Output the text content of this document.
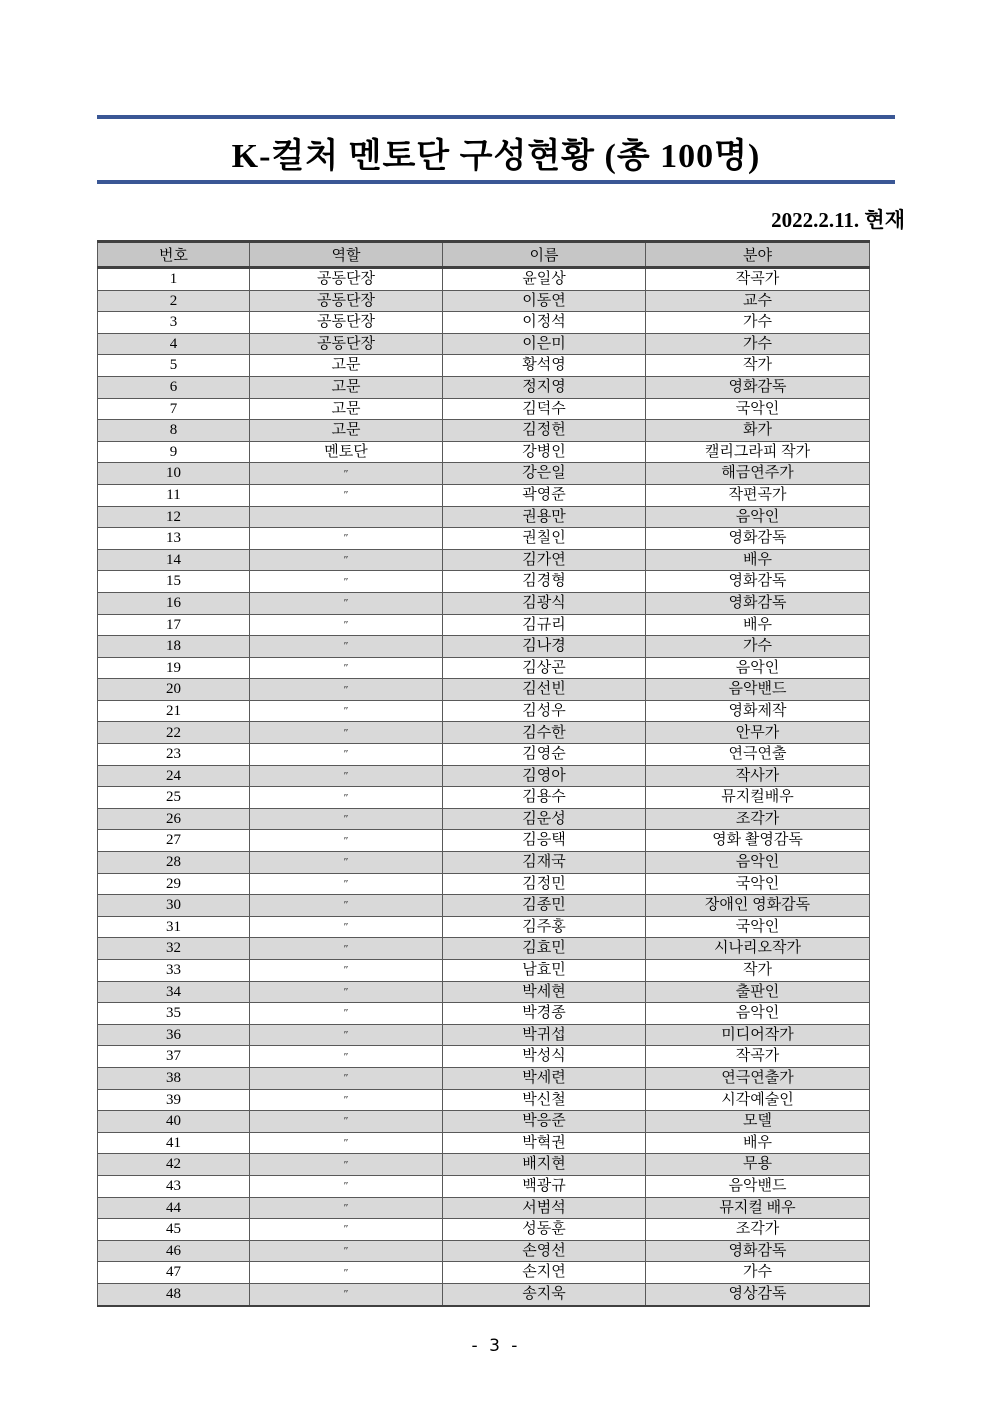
K-컬처 멘토단 구성현황 (총 100명)
2022.2.11. 현재
번호	역할	이름	분야
1	공동단장	윤일상	작곡가
2	공동단장	이동연	교수
3	공동단장	이정석	가수
4	공동단장	이은미	가수
5	고문	황석영	작가
6	고문	정지영	영화감독
7	고문	김덕수	국악인
8	고문	김정헌	화가
9	멘토단	강병인	캘리그라피 작가
10	″	강은일	해금연주가
11	″	곽영준	작편곡가
12		권용만	음악인
13	″	권칠인	영화감독
14	″	김가연	배우
15	″	김경형	영화감독
16	″	김광식	영화감독
17	″	김규리	배우
18	″	김나경	가수
19	″	김상곤	음악인
20	″	김선빈	음악밴드
21	″	김성우	영화제작
22	″	김수한	안무가
23	″	김영순	연극연출
24	″	김영아	작사가
25	″	김용수	뮤지컬배우
26	″	김운성	조각가
27	″	김응택	영화 촬영감독
28	″	김재국	음악인
29	″	김정민	국악인
30	″	김종민	장애인 영화감독
31	″	김주홍	국악인
32	″	김효민	시나리오작가
33	″	남효민	작가
34	″	박세현	출판인
35	″	박경종	음악인
36	″	박귀섭	미디어작가
37	″	박성식	작곡가
38	″	박세련	연극연출가
39	″	박신철	시각예술인
40	″	박응준	모델
41	″	박혁권	배우
42	″	배지현	무용
43	″	백광규	음악밴드
44	″	서범석	뮤지컬 배우
45	″	성동훈	조각가
46	″	손영선	영화감독
47	″	손지연	가수
48	″	송지욱	영상감독
- 3 -
